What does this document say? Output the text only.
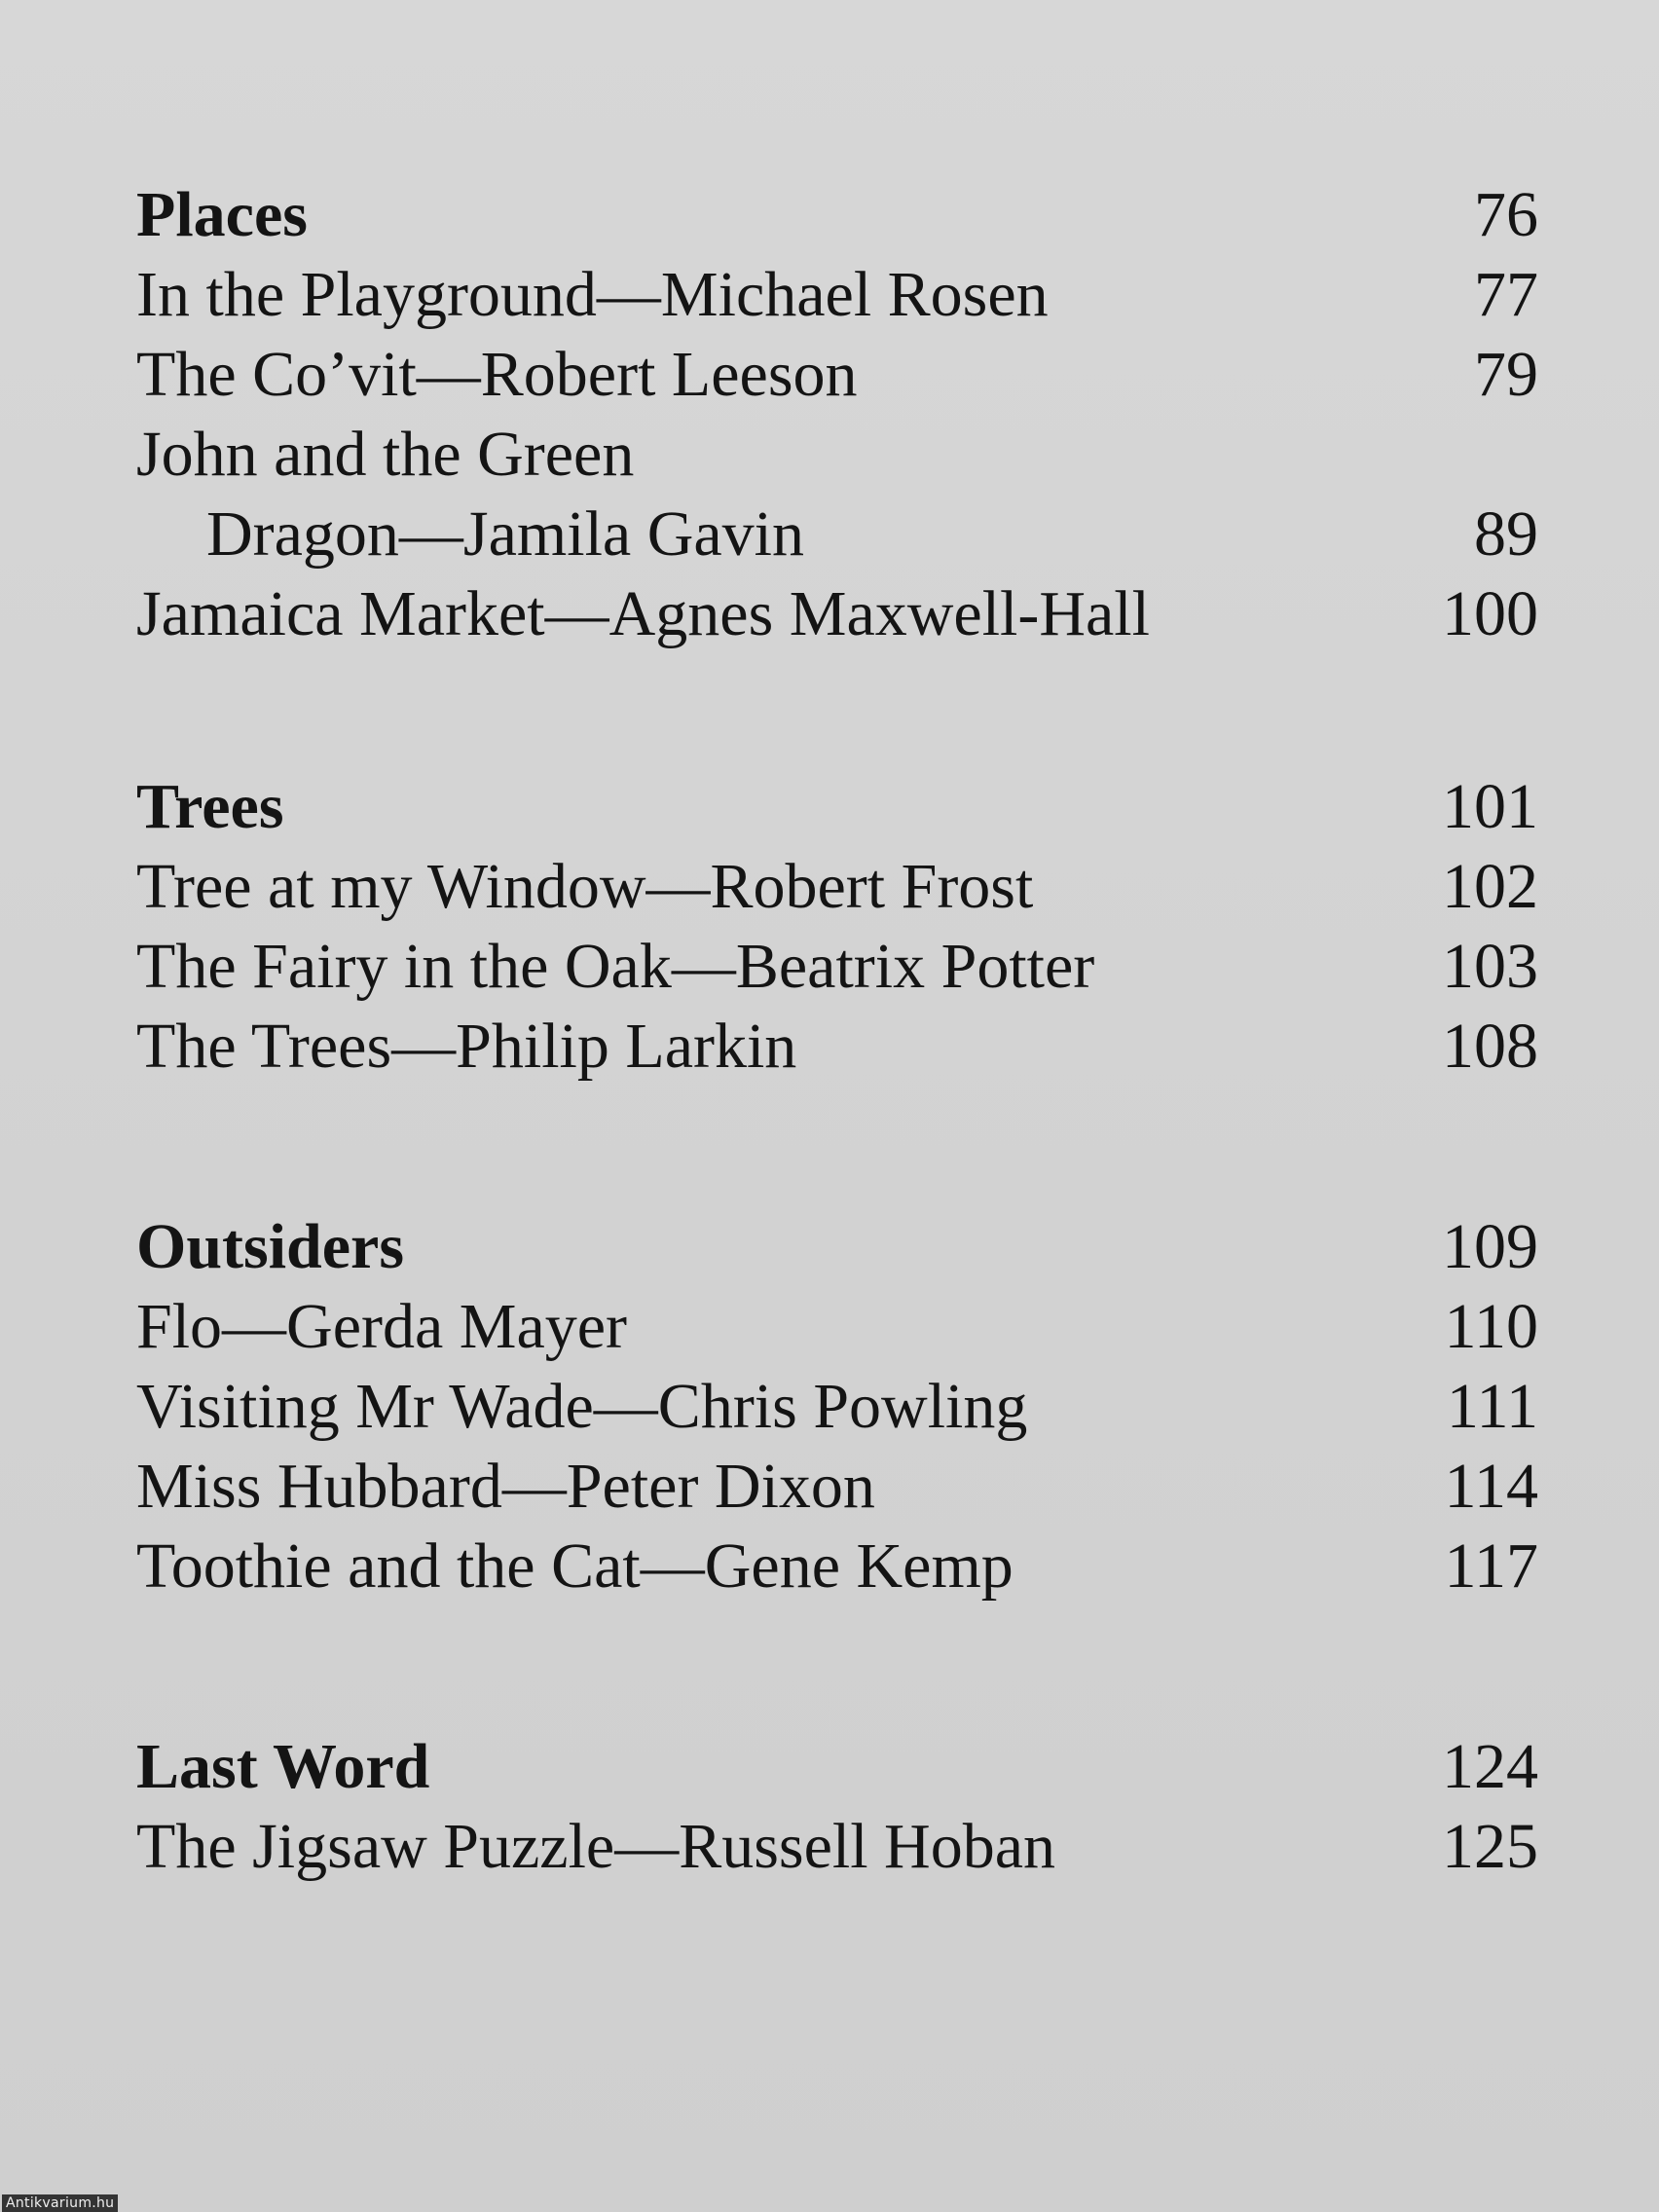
Places	76
In the Playground—Michael Rosen	77
The Co’vit—Robert Leeson	79
John and the Green
Dragon—Jamila Gavin	89
Jamaica Market—Agnes Maxwell-Hall	100
Trees	101
Tree at my Window—Robert Frost	102
The Fairy in the Oak—Beatrix Potter	103
The Trees—Philip Larkin	108
Outsiders	109
Flo—Gerda Mayer	110
Visiting Mr Wade—Chris Powling	111
Miss Hubbard—Peter Dixon	114
Toothie and the Cat—Gene Kemp	117
Last Word	124
The Jigsaw Puzzle—Russell Hoban	125
Antikvarium.hu
